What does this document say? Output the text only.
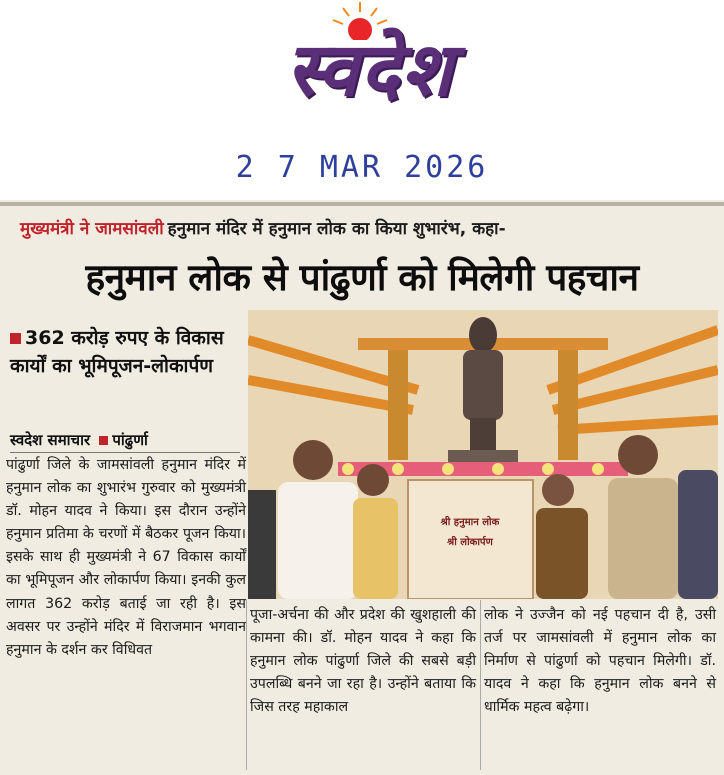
स्वदेश
2 7 MAR 2026
मुख्यमंत्री ने जामसांवली हनुमान मंदिर में हनुमान लोक का किया शुभारंभ, कहा-
हनुमान लोक से पांढुर्णा को मिलेगी पहचान
362 करोड़ रुपए के विकास कार्यों का भूमिपूजन-लोकार्पण
स्वदेश समाचार पांढुर्णा
पांढुर्णा जिले के जामसांवली हनुमान मंदिर में हनुमान लोक का शुभारंभ गुरुवार को मुख्यमंत्री डॉ. मोहन यादव ने किया। इस दौरान उन्होंने हनुमान प्रतिमा के चरणों में बैठकर पूजन किया। इसके साथ ही मुख्यमंत्री ने 67 विकास कार्यों का भूमिपूजन और लोकार्पण किया। इनकी कुल लागत 362 करोड़ बताई जा रही है। इस अवसर पर उन्होंने मंदिर में विराजमान भगवान हनुमान के दर्शन कर विधिवत
श्री हनुमान लोक
श्री लोकार्पण
पूजा-अर्चना की और प्रदेश की खुशहाली की कामना की। डॉ. मोहन यादव ने कहा कि हनुमान लोक पांढुर्णा जिले की सबसे बड़ी उपलब्धि बनने जा रहा है। उन्होंने बताया कि जिस तरह महाकाल
लोक ने उज्जैन को नई पहचान दी है, उसी तर्ज पर जामसांवली में हनुमान लोक का निर्माण से पांढुर्णा को पहचान मिलेगी। डॉ. यादव ने कहा कि हनुमान लोक बनने से धार्मिक महत्व बढ़ेगा।
